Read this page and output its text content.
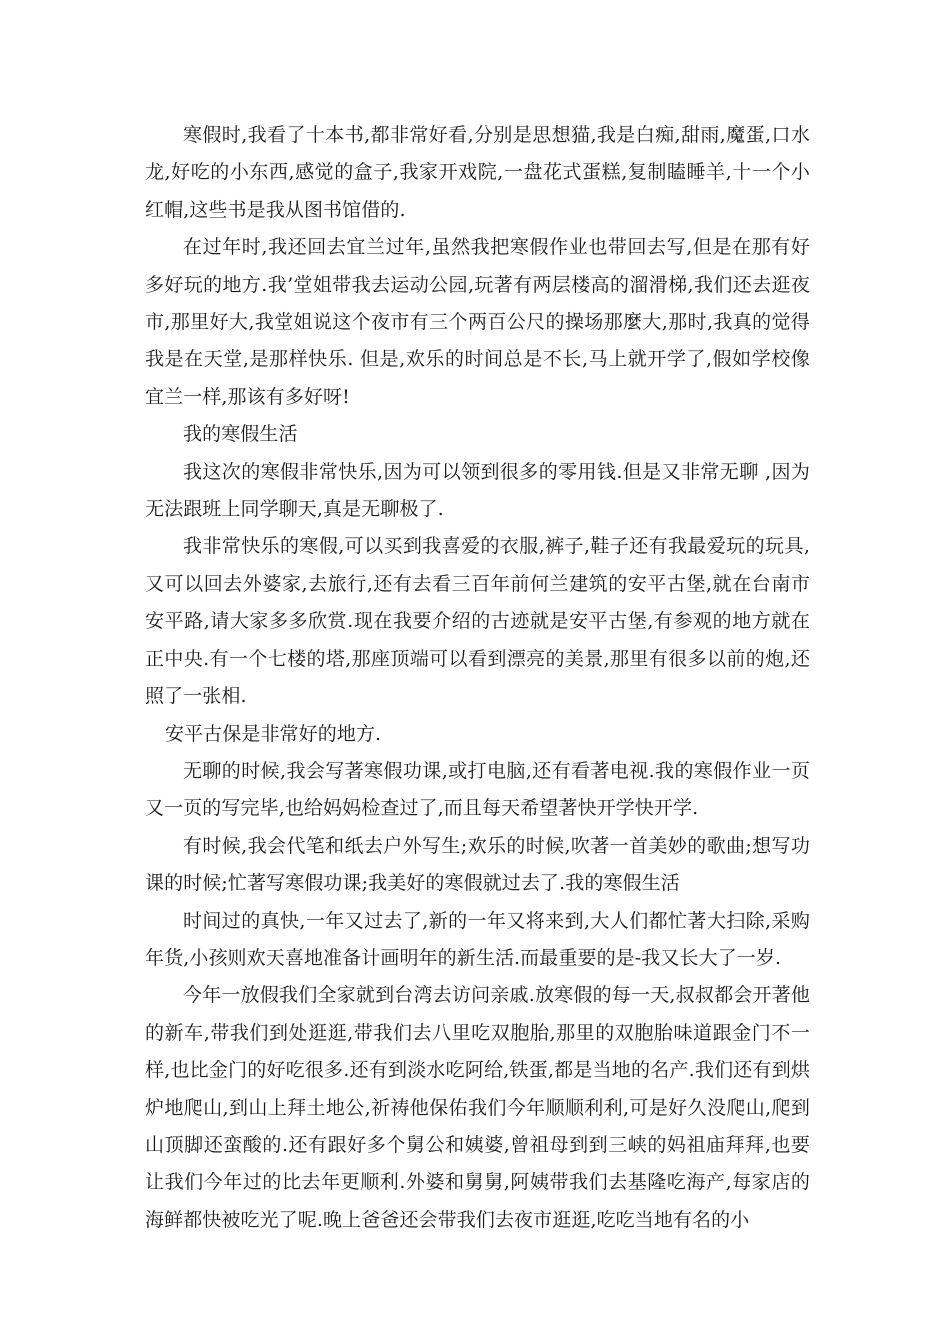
寒假时,我看了十本书,都非常好看,分别是思想猫,我是白痴,甜雨,魔蛋,口水龙,好吃的小东西,感觉的盒子,我家开戏院,一盘花式蛋糕,复制瞌睡羊,十一个小红帽,这些书是我从图书馆借的.

在过年时,我还回去宜兰过年,虽然我把寒假作业也带回去写,但是在那有好多好玩的地方.我’堂姐带我去运动公园,玩著有两层楼高的溜滑梯,我们还去逛夜市,那里好大,我堂姐说这个夜市有三个两百公尺的操场那麼大,那时,我真的觉得我是在天堂,是那样快乐. 但是,欢乐的时间总是不长,马上就开学了,假如学校像宜兰一样,那该有多好呀!

我的寒假生活

我这次的寒假非常快乐,因为可以领到很多的零用钱.但是又非常无聊 ,因为无法跟班上同学聊天,真是无聊极了.

我非常快乐的寒假,可以买到我喜爱的衣服,裤子,鞋子还有我最爱玩的玩具,又可以回去外婆家,去旅行,还有去看三百年前何兰建筑的安平古堡,就在台南市安平路,请大家多多欣赏.现在我要介绍的古迹就是安平古堡,有参观的地方就在正中央.有一个七楼的塔,那座顶端可以看到漂亮的美景,那里有很多以前的炮,还照了一张相.

安平古保是非常好的地方.

无聊的时候,我会写著寒假功课,或打电脑,还有看著电视.我的寒假作业一页又一页的写完毕,也给妈妈检查过了,而且每天希望著快开学快开学.

有时候,我会代笔和纸去户外写生;欢乐的时候,吹著一首美妙的歌曲;想写功课的时候;忙著写寒假功课;我美好的寒假就过去了.我的寒假生活

时间过的真快,一年又过去了,新的一年又将来到,大人们都忙著大扫除,采购年货,小孩则欢天喜地准备计画明年的新生活.而最重要的是-我又长大了一岁.

今年一放假我们全家就到台湾去访问亲戚.放寒假的每一天,叔叔都会开著他的新车,带我们到处逛逛,带我们去八里吃双胞胎,那里的双胞胎味道跟金门不一样,也比金门的好吃很多.还有到淡水吃阿给,铁蛋,都是当地的名产.我们还有到烘炉地爬山,到山上拜土地公,祈祷他保佑我们今年顺顺利利,可是好久没爬山,爬到山顶脚还蛮酸的.还有跟好多个舅公和姨婆,曾祖母到到三峡的妈祖庙拜拜,也要让我们今年过的比去年更顺利.外婆和舅舅,阿姨带我们去基隆吃海产,每家店的海鲜都快被吃光了呢.晚上爸爸还会带我们去夜市逛逛,吃吃当地有名的小
